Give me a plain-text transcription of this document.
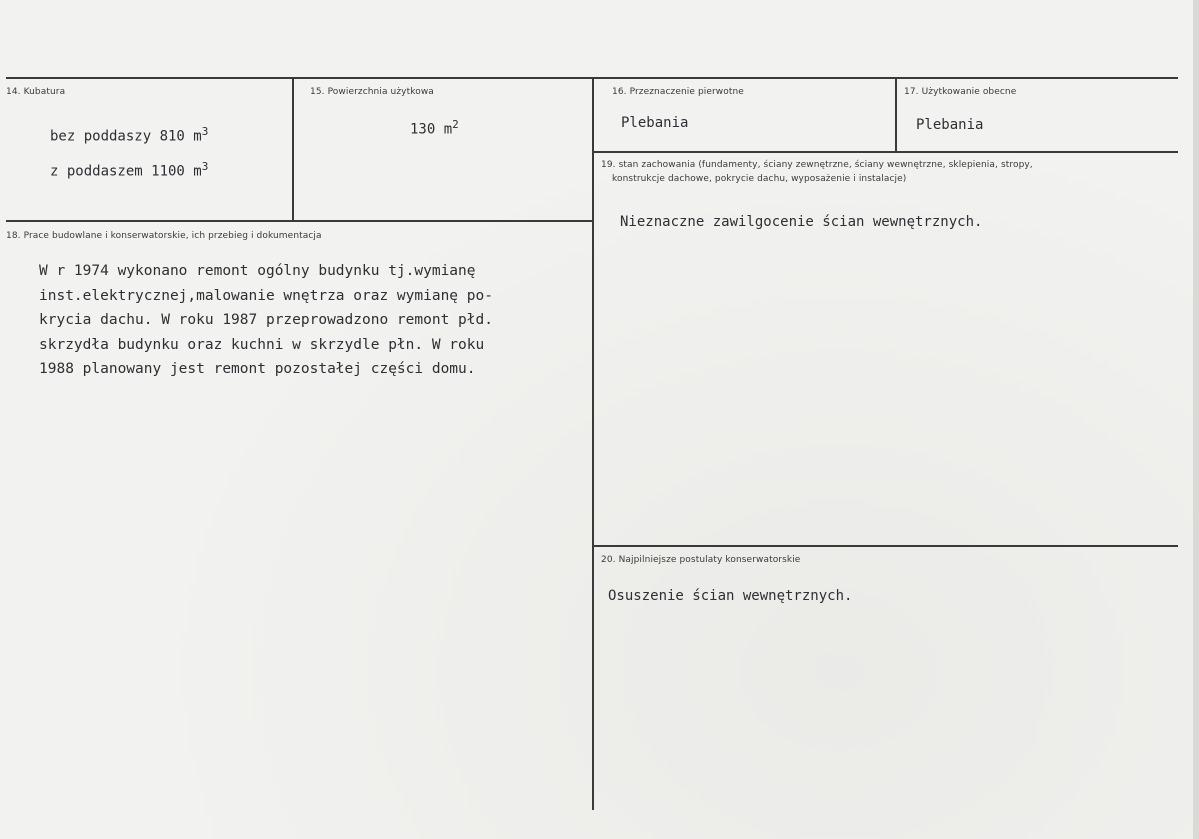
14. Kubatura
bez poddaszy 810 $m^3$
z poddaszem 1100 $m^3$
15. Powierzchnia użytkowa
130 $m^2$
16. Przeznaczenie pierwotne
Plebania
17. Użytkowanie obecne
Plebania
18. Prace budowlane i konserwatorskie, ich przebieg i dokumentacja
W r 1974 wykonano remont ogólny budynku tj.wymianę
inst.elektrycznej,malowanie wnętrza oraz wymianę po-
krycia dachu. W roku 1987 przeprowadzono remont płd.
skrzydła budynku oraz kuchni w skrzydle płn. W roku
1988 planowany jest remont pozostałej części domu.
19. stan zachowania (fundamenty, ściany zewnętrzne, ściany wewnętrzne, sklepienia, stropy,
konstrukcje dachowe, pokrycie dachu, wyposażenie i instalacje)
Nieznaczne zawilgocenie ścian wewnętrznych.
20. Najpilniejsze postulaty konserwatorskie
Osuszenie ścian wewnętrznych.
